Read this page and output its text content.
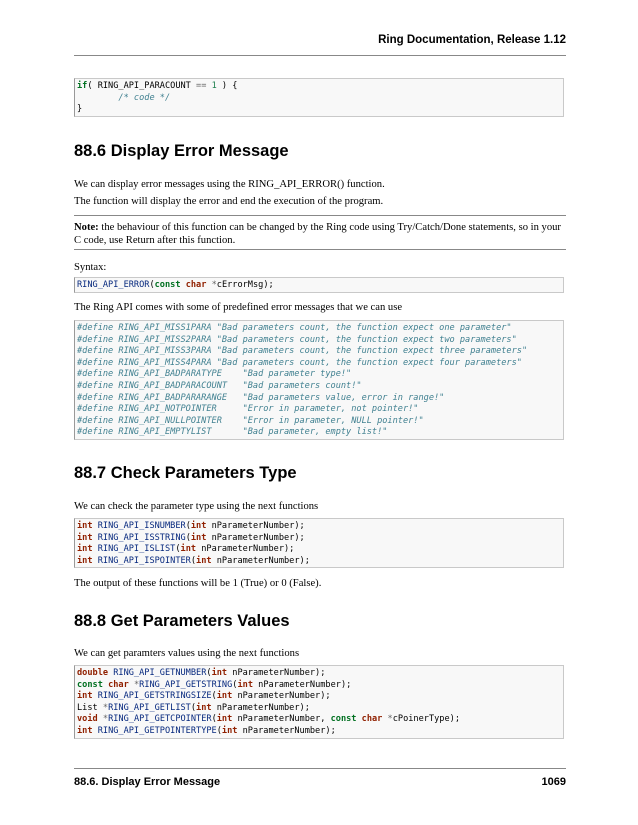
Ring Documentation, Release 1.12
if( RING_API_PARACOUNT == 1 ) {
/* code */
}
88.6 Display Error Message
We can display error messages using the RING_API_ERROR() function.
The function will display the error and end the execution of the program.
Note: the behaviour of this function can be changed by the Ring code using Try/Catch/Done statements, so in your C code, use Return after this function.
Syntax:
RING_API_ERROR(const char *cErrorMsg);
The Ring API comes with some of predefined error messages that we can use
#define RING_API_MISS1PARA "Bad parameters count, the function expect one parameter"
#define RING_API_MISS2PARA "Bad parameters count, the function expect two parameters"
#define RING_API_MISS3PARA "Bad parameters count, the function expect three parameters"
#define RING_API_MISS4PARA "Bad parameters count, the function expect four parameters"
#define RING_API_BADPARATYPE    "Bad parameter type!"
#define RING_API_BADPARACOUNT   "Bad parameters count!"
#define RING_API_BADPARARANGE   "Bad parameters value, error in range!"
#define RING_API_NOTPOINTER     "Error in parameter, not pointer!"
#define RING_API_NULLPOINTER    "Error in parameter, NULL pointer!"
#define RING_API_EMPTYLIST      "Bad parameter, empty list!"
88.7 Check Parameters Type
We can check the parameter type using the next functions
int RING_API_ISNUMBER(int nParameterNumber);
int RING_API_ISSTRING(int nParameterNumber);
int RING_API_ISLIST(int nParameterNumber);
int RING_API_ISPOINTER(int nParameterNumber);
The output of these functions will be 1 (True) or 0 (False).
88.8 Get Parameters Values
We can get paramters values using the next functions
double RING_API_GETNUMBER(int nParameterNumber);
const char *RING_API_GETSTRING(int nParameterNumber);
int RING_API_GETSTRINGSIZE(int nParameterNumber);
List *RING_API_GETLIST(int nParameterNumber);
void *RING_API_GETCPOINTER(int nParameterNumber, const char *cPoinerType);
int RING_API_GETPOINTERTYPE(int nParameterNumber);
88.6. Display Error Message	1069
